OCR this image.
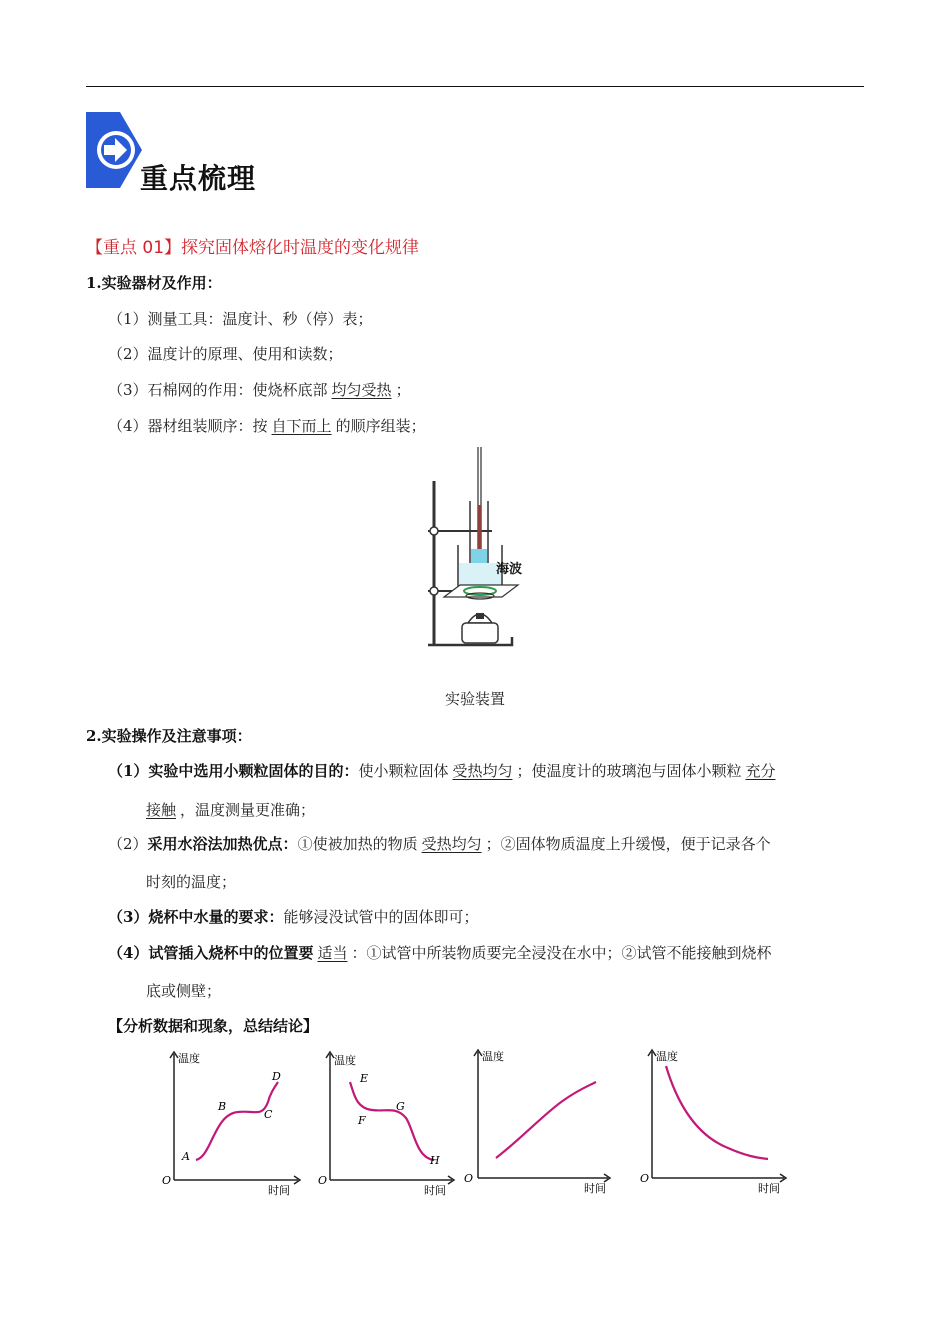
重点梳理
【重点 01】探究固体熔化时温度的变化规律
1.实验器材及作用：
（1）测量工具：温度计、秒（停）表；
（2）温度计的原理、使用和读数；
（3）石棉网的作用：使烧杯底部 均匀受热 ；
（4）器材组装顺序：按 自下而上 的顺序组装；
海波
实验装置
2.实验操作及注意事项：
（1）实验中选用小颗粒固体的目的：使小颗粒固体 受热均匀 ；使温度计的玻璃泡与固体小颗粒 充分
接触 ，温度测量更准确；
（2）采用水浴法加热优点：①使被加热的物质 受热均匀 ；②固体物质温度上升缓慢，便于记录各个
时刻的温度；
（3）烧杯中水量的要求：能够浸没试管中的固体即可；
（4）试管插入烧杯中的位置要 适当 ：①试管中所装物质要完全浸没在水中；②试管不能接触到烧杯
底或侧壁；
【分析数据和现象，总结结论】
温度
时间
O
A
B
C
D
温度
时间
O
E
F
G
H
温度
时间
O
温度
时间
O
